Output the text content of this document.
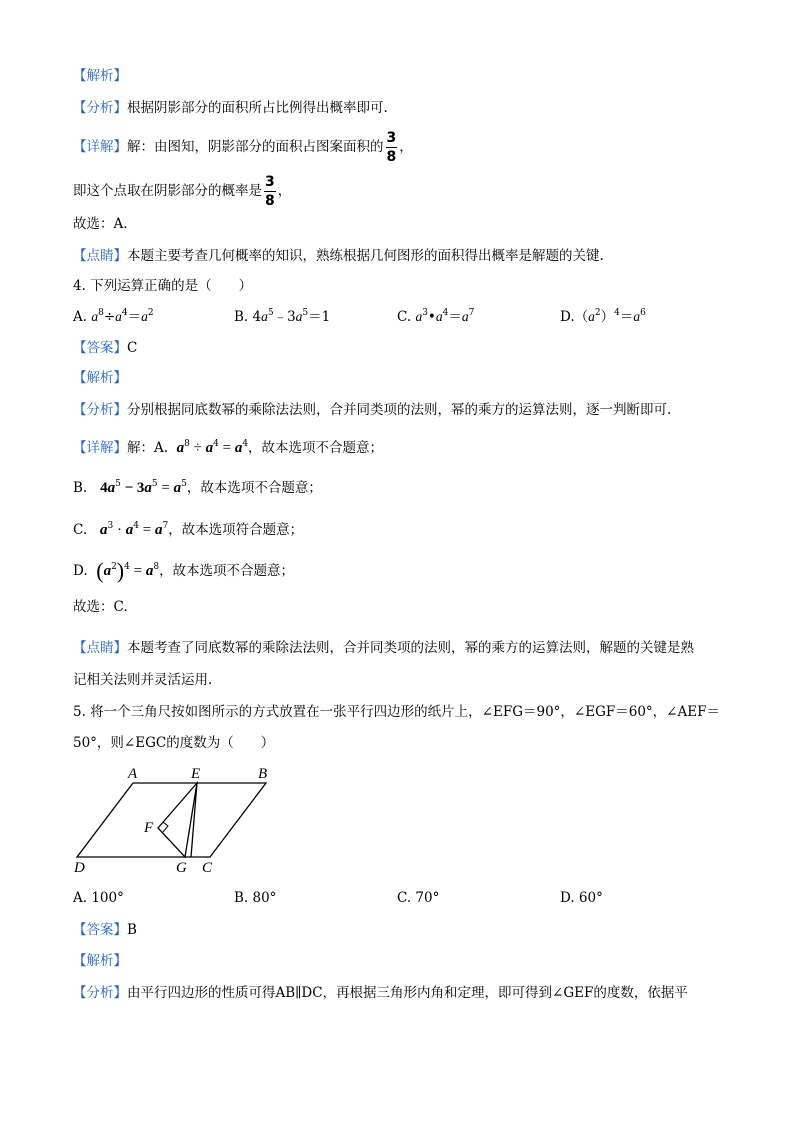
【解析】
【分析】根据阴影部分的面积所占比例得出概率即可.
【详解】解：由图知，阴影部分的面积占图案面积的 $\frac{3}{8}$ ，
即这个点取在阴影部分的概率是 $\frac{3}{8}$ ，
故选：A.
【点睛】本题主要考查几何概率的知识，熟练根据几何图形的面积得出概率是解题的关键.
4. 下列运算正确的是（　　）
A. $a^8\div a^4=a^2$	B. $4a^5﹣3a^5=1$	C. $a^3•a^4=a^7$	$D.(a^2)^4=a^6$
【答案】C
【解析】
【分析】分别根据同底数幂的乘除法法则，合并同类项的法则，幂的乘方的运算法则，逐一判断即可.
【详解】解：A. $a^8 \div a^4 = a^4$，故本选项不合题意；
B. $4a^5 - 3a^5 = a^5$，故本选项不合题意；
C. $a^3 \cdot a^4 = a^7$，故本选项符合题意；
D. $(a^2)^4 = a^8$，故本选项不合题意；
故选：C.
【点睛】本题考查了同底数幂的乘除法法则，合并同类项的法则，幂的乘方的运算法则，解题的关键是熟
记相关法则并灵活运用.
5. 将一个三角尺按如图所示的方式放置在一张平行四边形的纸片上，∠EFG＝90°，∠EGF＝60°，∠AEF＝
50°，则∠EGC的度数为（　　）
A	E	B
F
D	G C
A. 100°	B. 80°	C. 70°	D. 60°
【答案】B
【解析】
【分析】由平行四边形的性质可得AB∥DC，再根据三角形内角和定理，即可得到∠GEF的度数，依据平
